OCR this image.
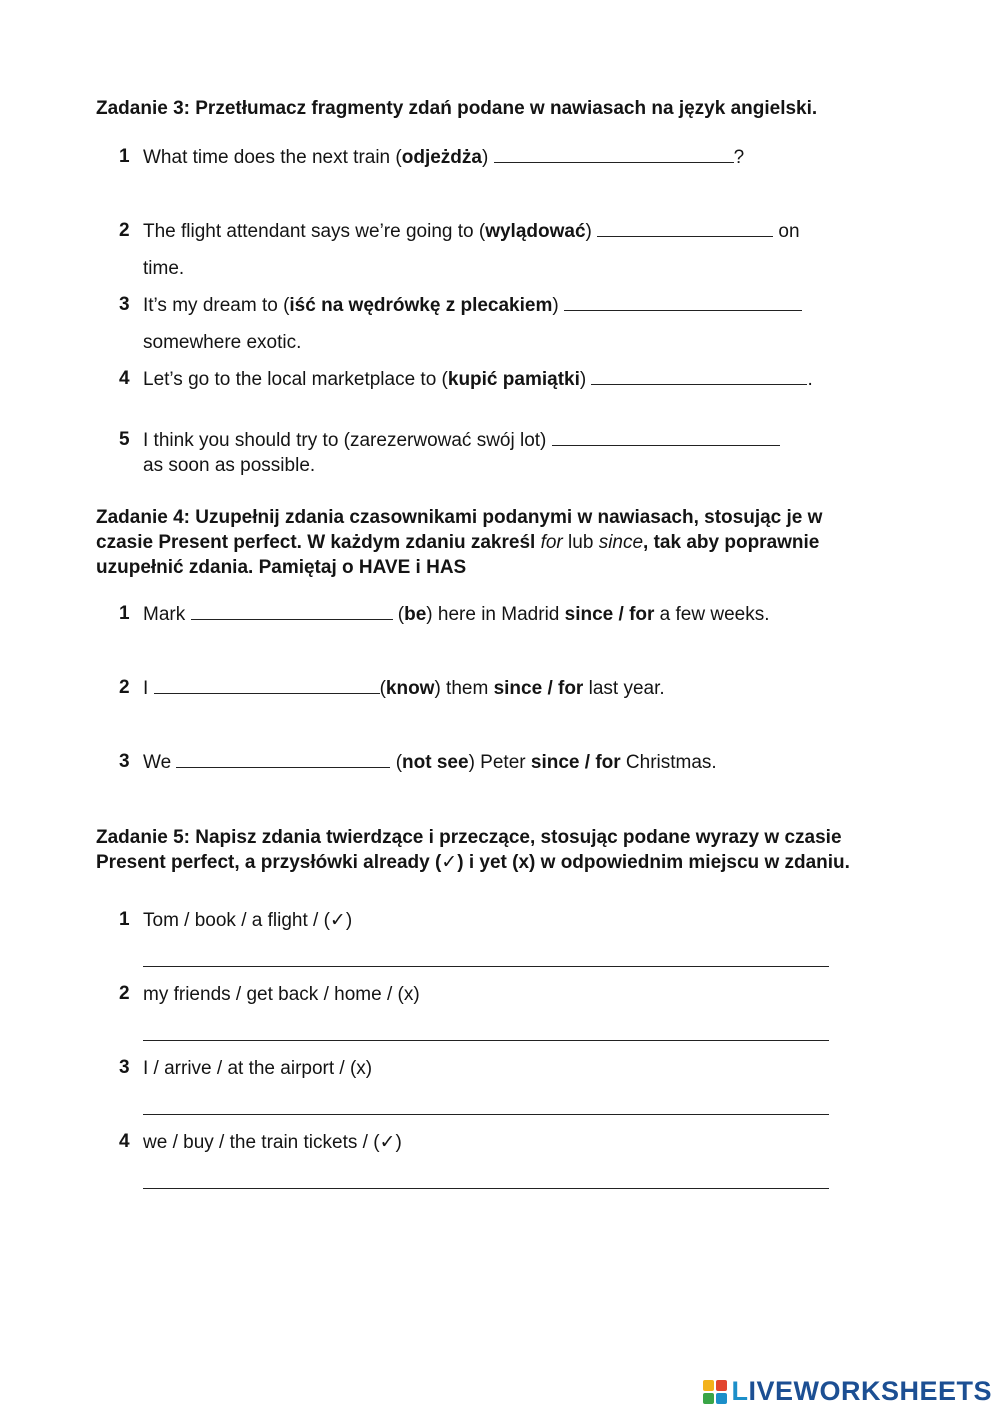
Zadanie 3: Przetłumacz fragmenty zdań podane w nawiasach na język angielski.
1 What time does the next train (odjeżdża)	?
2 The flight attendant says we’re going to (wylądować)	on
time.
3 It’s my dream to (iść na wędrówkę z plecakiem)
somewhere exotic.
4 Let’s go to the local marketplace to (kupić pamiątki)	.
5 I think you should try to (zarezerwować swój lot)
as soon as possible.
Zadanie 4: Uzupełnij zdania czasownikami podanymi w nawiasach, stosując je w
czasie Present perfect. W każdym zdaniu zakreśl for lub since, tak aby poprawnie
uzupełnić zdania. Pamiętaj o HAVE i HAS
1 Mark	(be) here in Madrid since / for a few weeks.
2 I	(know) them since / for last year.
3 We	(not see) Peter since / for Christmas.
Zadanie 5: Napisz zdania twierdzące i przeczące, stosując podane wyrazy w czasie
Present perfect, a przysłówki already (✓) i yet (x) w odpowiednim miejscu w zdaniu.
1 Tom / book / a flight / (✓)
2 my friends / get back / home / (x)
3 I / arrive / at the airport / (x)
4 we / buy / the train tickets / (✓)
LIVEWORKSHEETS
